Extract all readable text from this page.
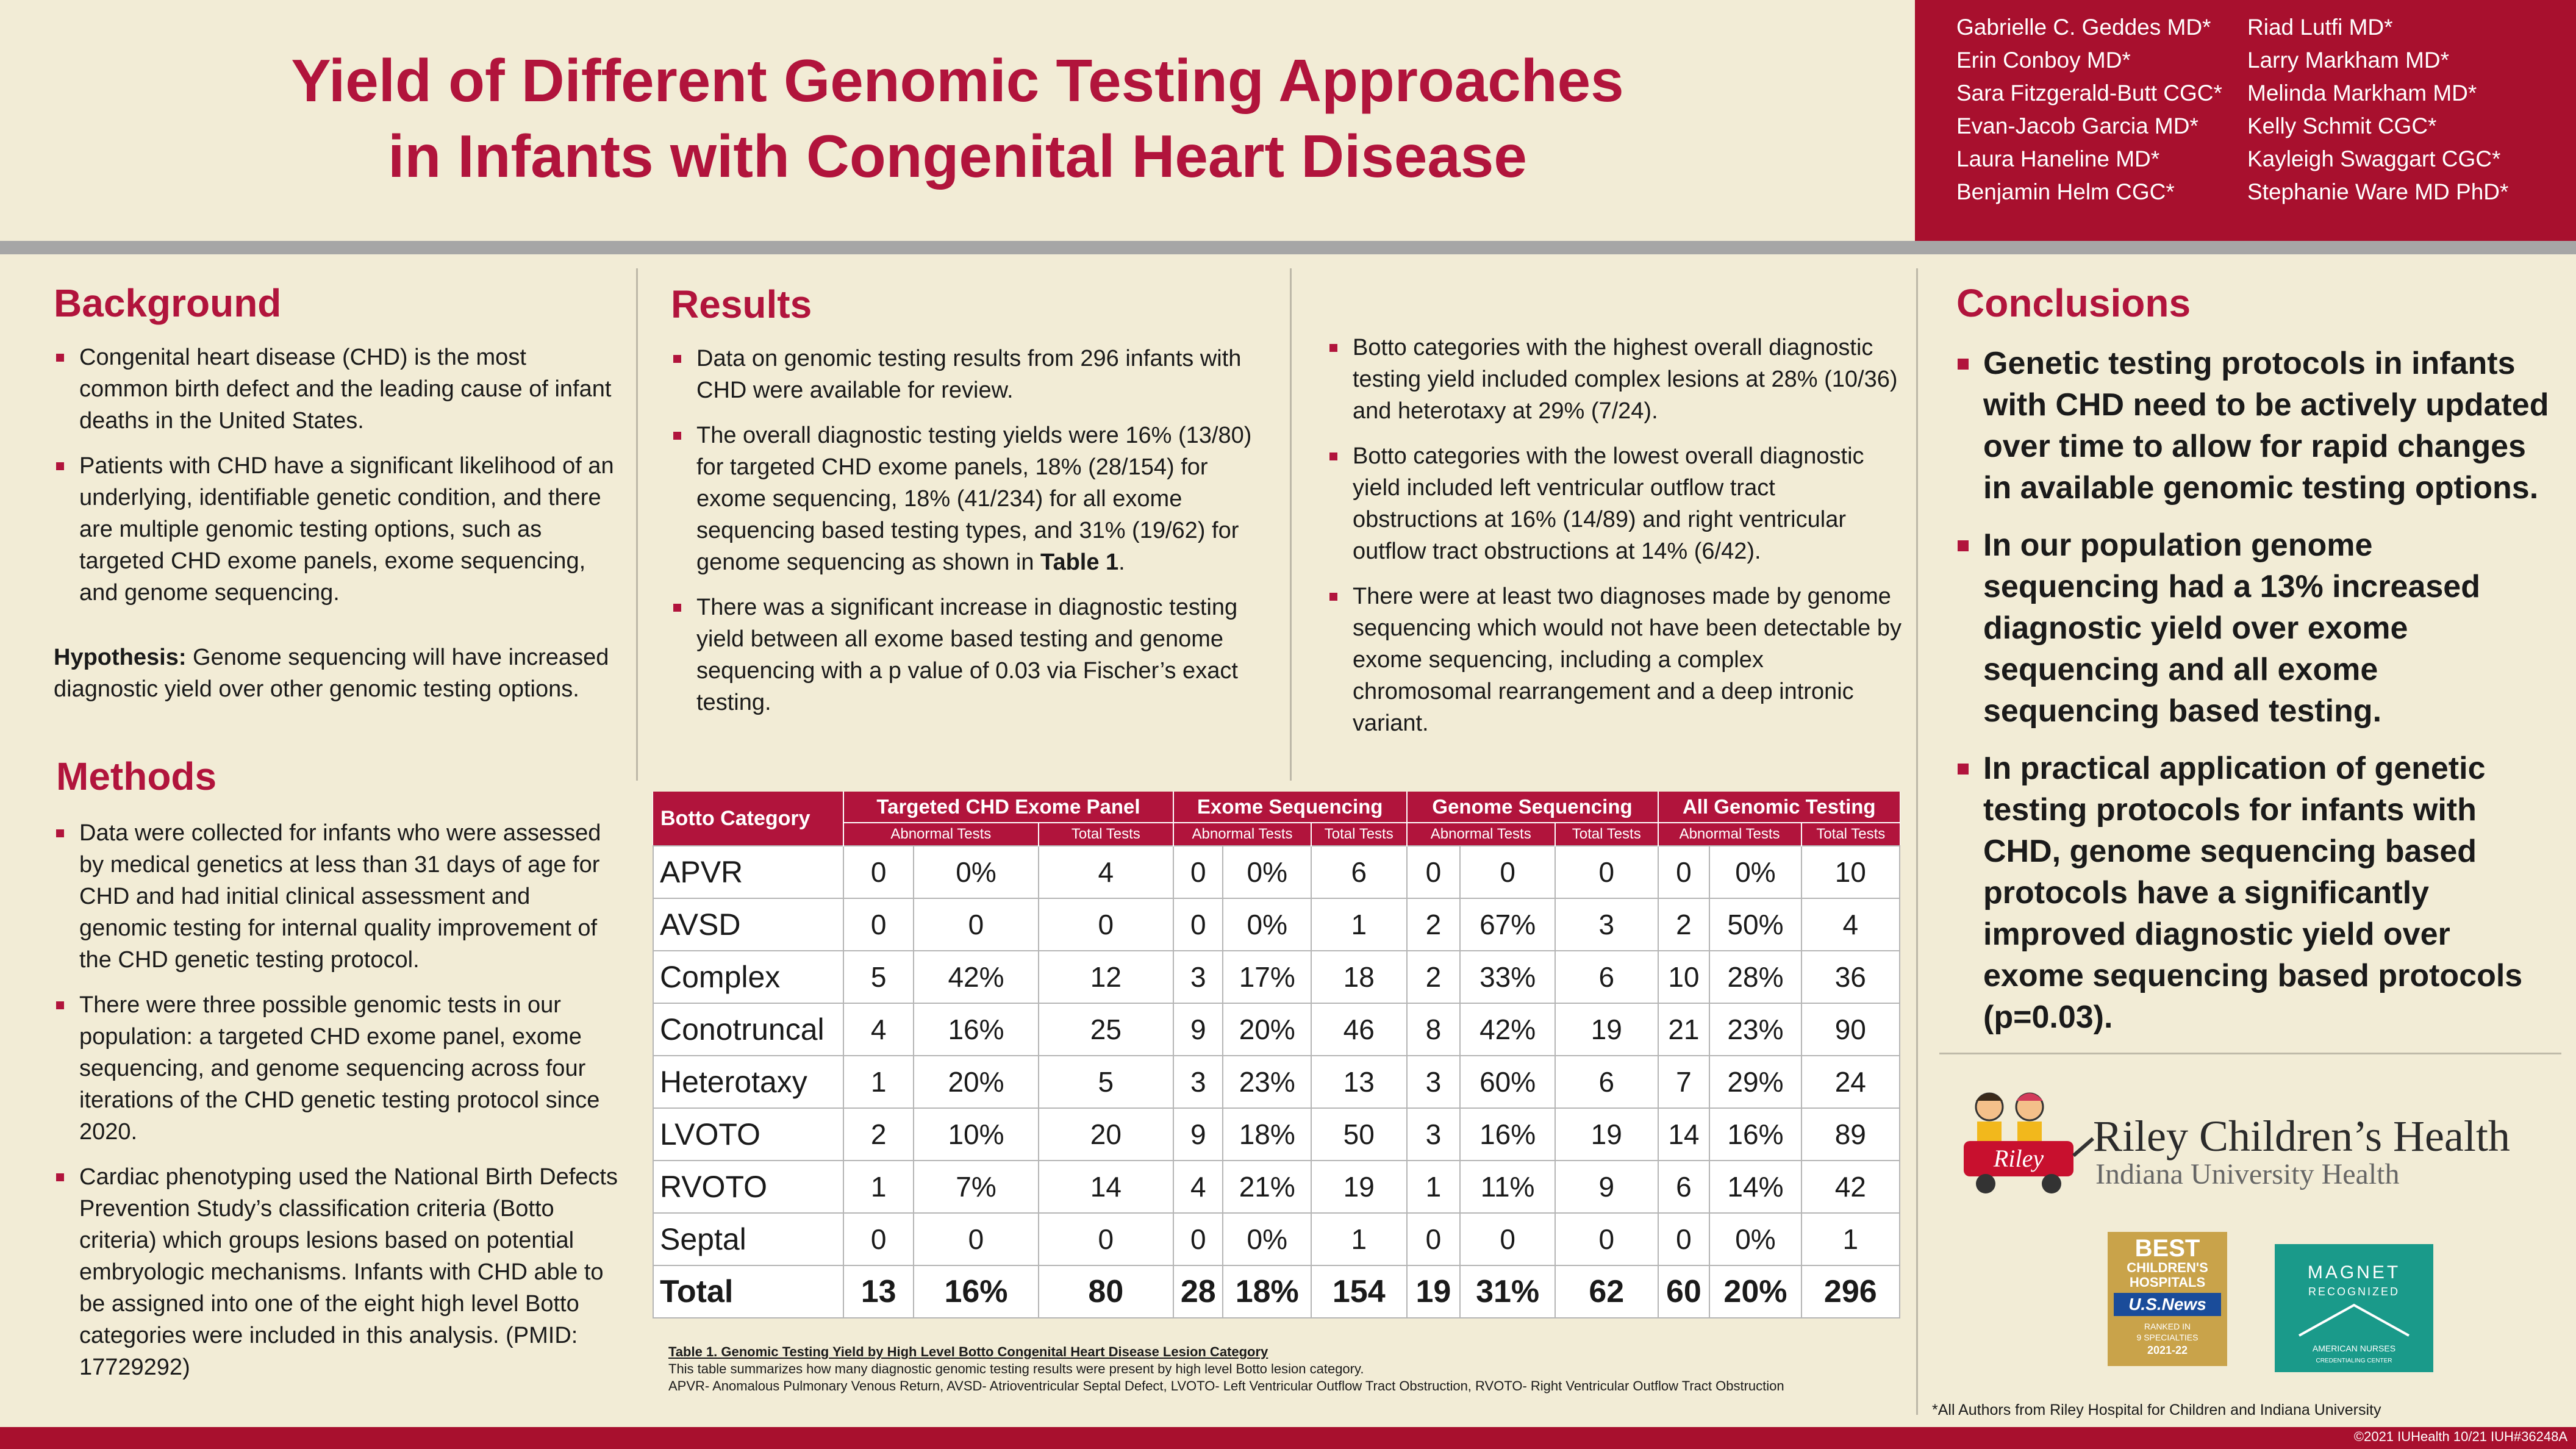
Yield of Different Genomic Testing Approaches
in Infants with Congenital Heart Disease
Gabrielle C. Geddes MD*
Erin Conboy MD*
Sara Fitzgerald-Butt CGC*
Evan-Jacob Garcia MD*
Laura Haneline MD*
Benjamin Helm CGC*
Riad Lutfi MD*
Larry Markham MD*
Melinda Markham MD*
Kelly Schmit CGC*
Kayleigh Swaggart CGC*
Stephanie Ware MD PhD*
Background
Congenital heart disease (CHD) is the most common birth defect and the leading cause of infant deaths in the United States.
Patients with CHD have a significant likelihood of an underlying, identifiable genetic condition, and there are multiple genomic testing options, such as targeted CHD exome panels, exome sequencing, and genome sequencing.
Hypothesis: Genome sequencing will have increased diagnostic yield over other genomic testing options.
Methods
Data were collected for infants who were assessed by medical genetics at less than 31 days of age for CHD and had initial clinical assessment and genomic testing for internal quality improvement of the CHD genetic testing protocol.
There were three possible genomic tests in our population: a targeted CHD exome panel, exome sequencing, and genome sequencing across four iterations of the CHD genetic testing protocol since 2020.
Cardiac phenotyping used the National Birth Defects Prevention Study’s classification criteria (Botto criteria) which groups lesions based on potential embryologic mechanisms. Infants with CHD able to be assigned into one of the eight high level Botto categories were included in this analysis. (PMID: 17729292)
Results
Data on genomic testing results from 296 infants with CHD were available for review.
The overall diagnostic testing yields were 16% (13/80) for targeted CHD exome panels, 18% (28/154) for exome sequencing, 18% (41/234) for all exome sequencing based testing types, and 31% (19/62) for genome sequencing as shown in Table 1.
There was a significant increase in diagnostic testing yield between all exome based testing and genome sequencing with a p value of 0.03 via Fischer’s exact testing.
Botto categories with the highest overall diagnostic testing yield included complex lesions at 28% (10/36) and heterotaxy at 29% (7/24).
Botto categories with the lowest overall diagnostic yield included left ventricular outflow tract obstructions at 16% (14/89) and right ventricular outflow tract obstructions at 14% (6/42).
There were at least two diagnoses made by genome sequencing which would not have been detectable by exome sequencing, including a complex chromosomal rearrangement and a deep intronic variant.
Botto Category	Targeted CHD Exome Panel			Exome Sequencing			Genome Sequencing			All Genomic Testing		
	Abnormal Tests		Total Tests	Abnormal Tests		Total Tests	Abnormal Tests		Total Tests	Abnormal Tests		Total Tests
APVR	0	0%	4	0	0%	6	0	0	0	0	0%	10
AVSD	0	0	0	0	0%	1	2	67%	3	2	50%	4
Complex	5	42%	12	3	17%	18	2	33%	6	10	28%	36
Conotruncal	4	16%	25	9	20%	46	8	42%	19	21	23%	90
Heterotaxy	1	20%	5	3	23%	13	3	60%	6	7	29%	24
LVOTO	2	10%	20	9	18%	50	3	16%	19	14	16%	89
RVOTO	1	7%	14	4	21%	19	1	11%	9	6	14%	42
Septal	0	0	0	0	0%	1	0	0	0	0	0%	1
Total	13	16%	80	28	18%	154	19	31%	62	60	20%	296
Table 1. Genomic Testing Yield by High Level Botto Congenital Heart Disease Lesion Category
This table summarizes how many diagnostic genomic testing results were present by high level Botto lesion category.
APVR- Anomalous Pulmonary Venous Return, AVSD- Atrioventricular Septal Defect, LVOTO- Left Ventricular Outflow Tract Obstruction, RVOTO- Right Ventricular Outflow Tract Obstruction
Conclusions
Genetic testing protocols in infants with CHD need to be actively updated over time to allow for rapid changes in available genomic testing options.
In our population genome sequencing had a 13% increased diagnostic yield over exome sequencing and all exome sequencing based testing.
In practical application of genetic testing protocols for infants with CHD, genome sequencing based protocols have a significantly improved diagnostic yield over exome sequencing based protocols (p=0.03).
Riley Riley Children’s Health
Indiana University Health
BEST
CHILDREN'S
HOSPITALS
U.S.News
RANKED IN
9 SPECIALTIES
2021-22
MAGNET
RECOGNIZED
AMERICAN NURSES
CREDENTIALING CENTER
*All Authors from Riley Hospital for Children and Indiana University
©2021 IUHealth 10/21 IUH#36248A
